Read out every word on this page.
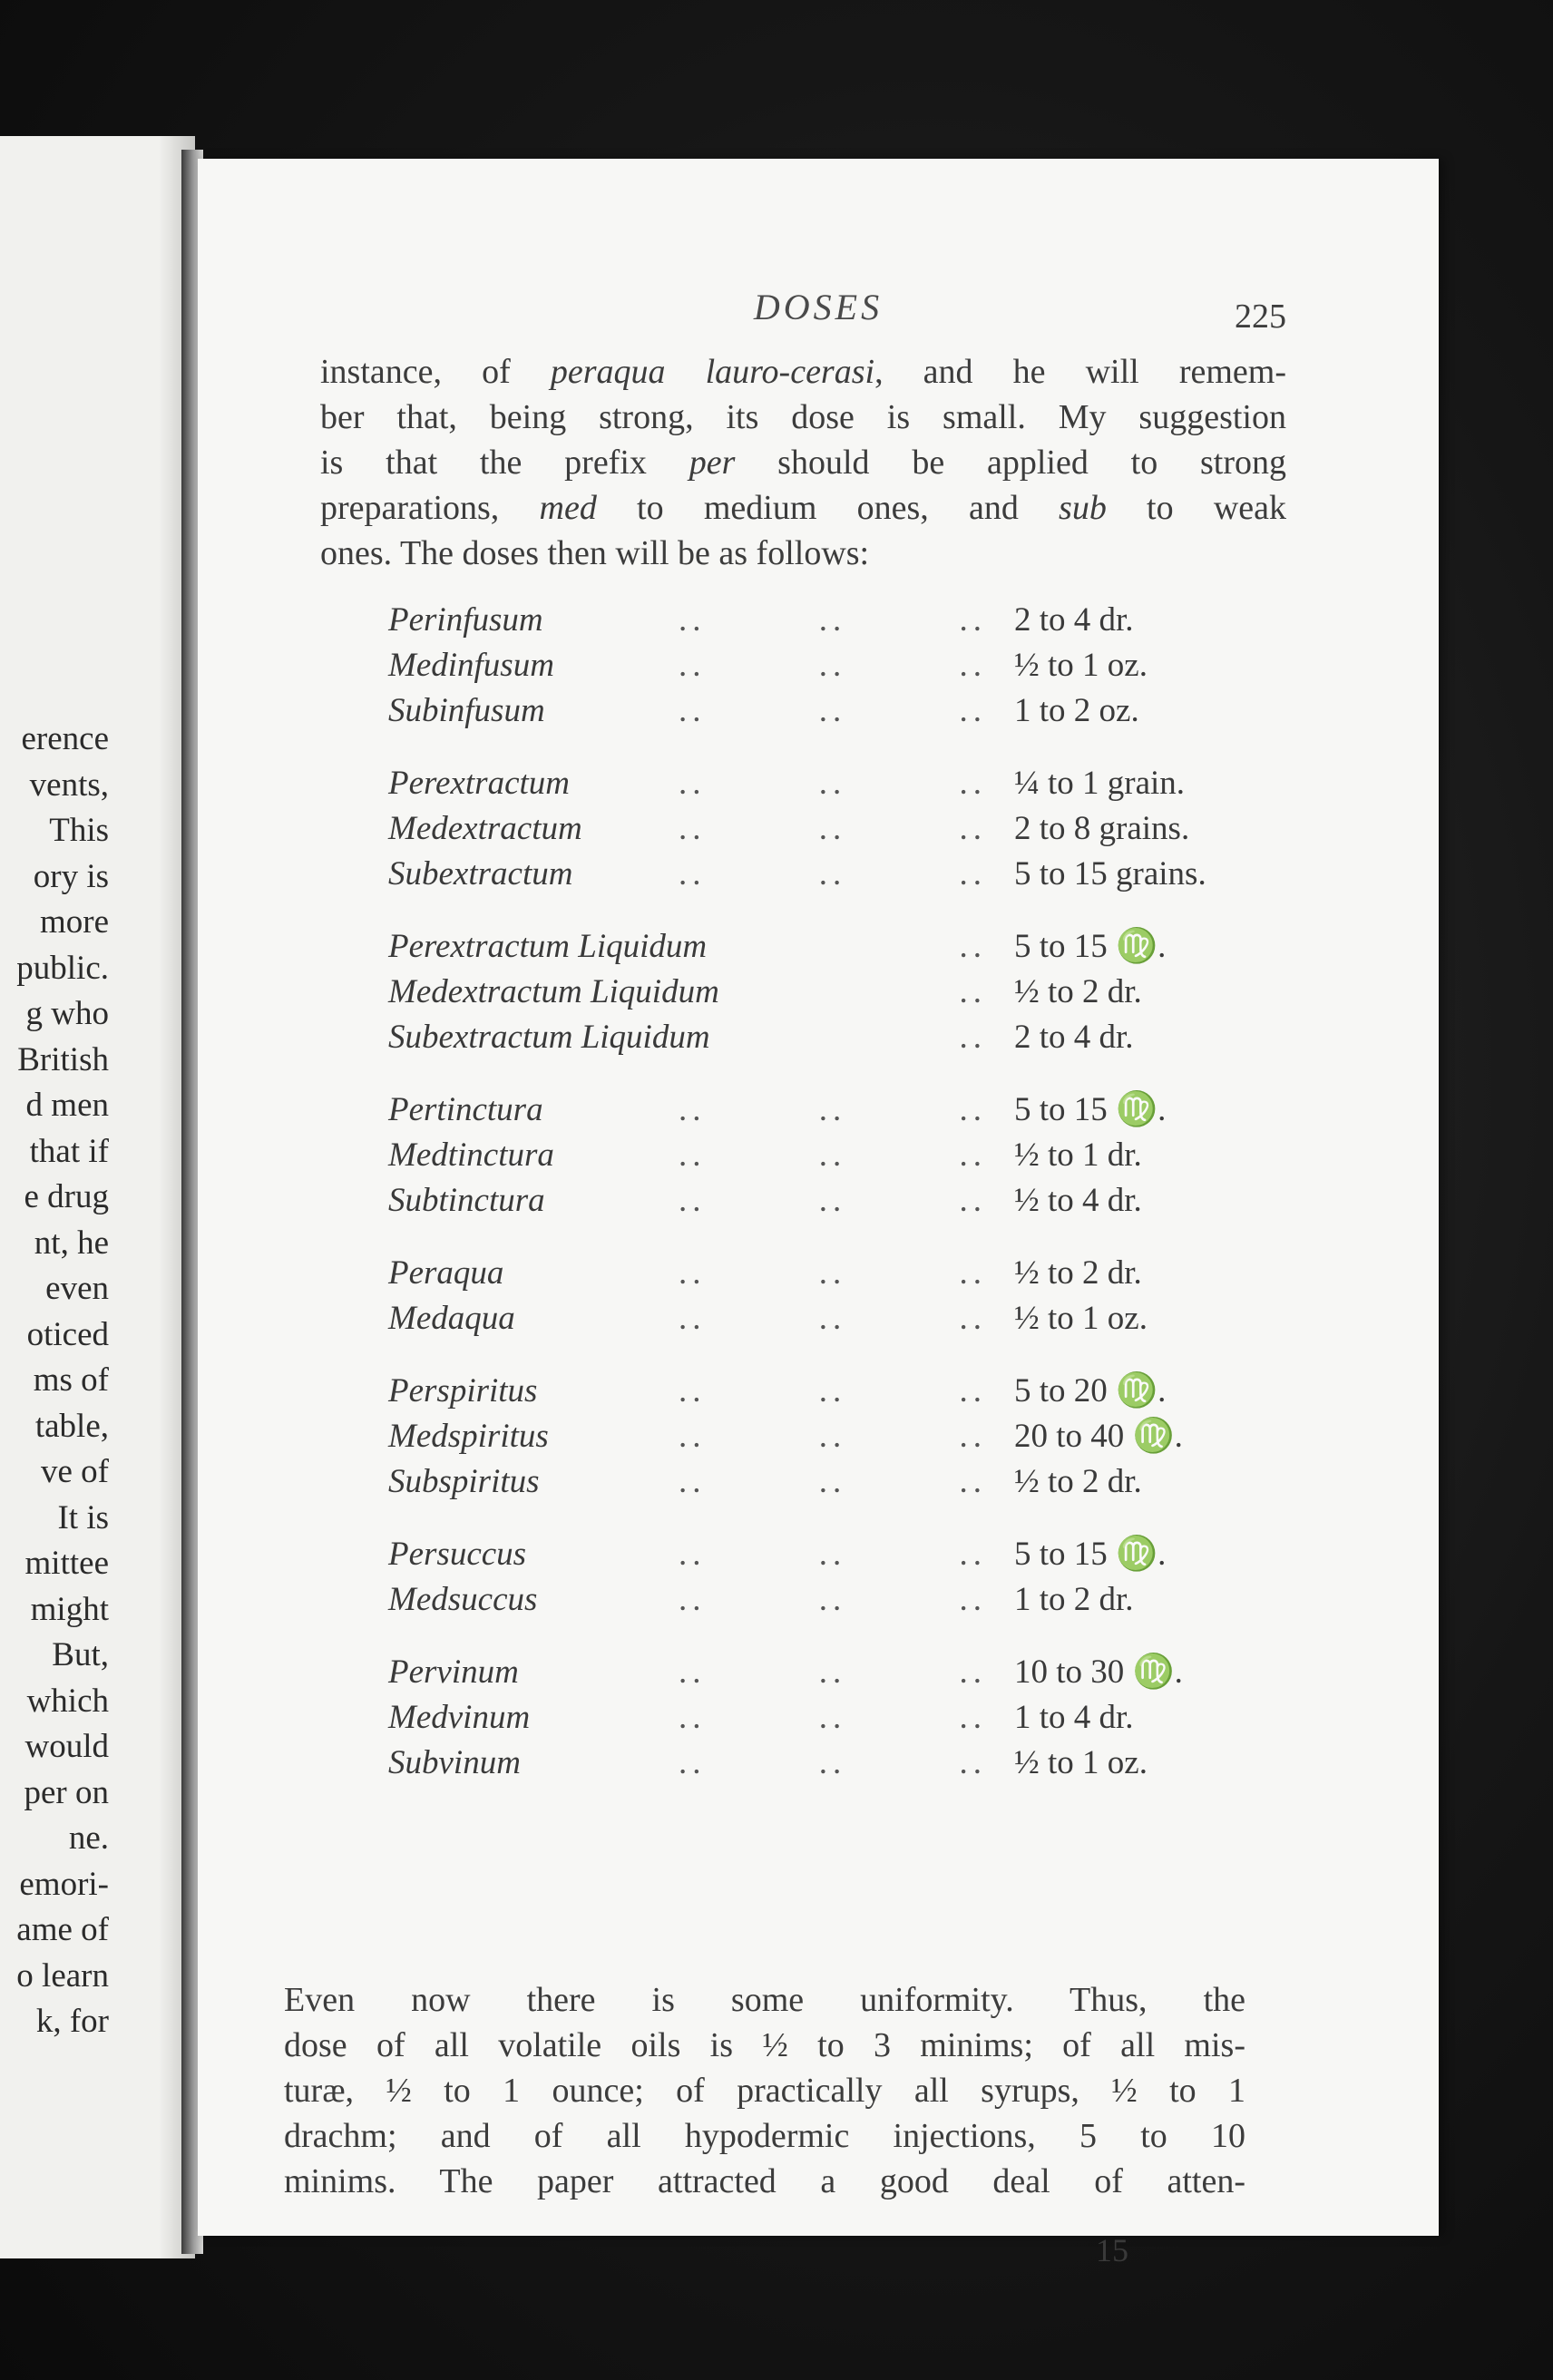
erence
vents,
This
ory is
more
public.
g who
British
d men
that if
e drug
nt, he
even
oticed
ms of
table,
ve of
It is
mittee
might
But,
which
would
per on
ne.
emori-
ame of
o learn
k, for
DOSES	225
instance, of peraqua lauro-cerasi, and he will remem-
ber that, being strong, its dose is small. My suggestion
is that the prefix per should be applied to strong
preparations, med to medium ones, and sub to weak
ones. The doses then will be as follows:
Perinfusum	..	..	.. 2 to 4 dr.
Medinfusum	..	..	.. ½ to 1 oz.
Subinfusum	..	..	.. 1 to 2 oz.
Perextractum	..	..	.. ¼ to 1 grain.
Medextractum	..	..	.. 2 to 8 grains.
Subextractum	..	..	.. 5 to 15 grains.
Perextractum Liquidum	.. 5 to 15 ♍.
Medextractum Liquidum	.. ½ to 2 dr.
Subextractum Liquidum	.. 2 to 4 dr.
Pertinctura	..	..	.. 5 to 15 ♍.
Medtinctura	..	..	.. ½ to 1 dr.
Subtinctura	..	..	.. ½ to 4 dr.
Peraqua	..	..	.. ½ to 2 dr.
Medaqua	..	..	.. ½ to 1 oz.
Perspiritus	..	..	.. 5 to 20 ♍.
Medspiritus	..	..	.. 20 to 40 ♍.
Subspiritus	..	..	.. ½ to 2 dr.
Persuccus	..	..	.. 5 to 15 ♍.
Medsuccus	..	..	.. 1 to 2 dr.
Pervinum	..	..	.. 10 to 30 ♍.
Medvinum	..	..	.. 1 to 4 dr.
Subvinum	..	..	.. ½ to 1 oz.
Even now there is some uniformity. Thus, the
dose of all volatile oils is ½ to 3 minims; of all mis-
turæ, ½ to 1 ounce; of practically all syrups, ½ to 1
drachm; and of all hypodermic injections, 5 to 10
minims. The paper attracted a good deal of atten-
15
